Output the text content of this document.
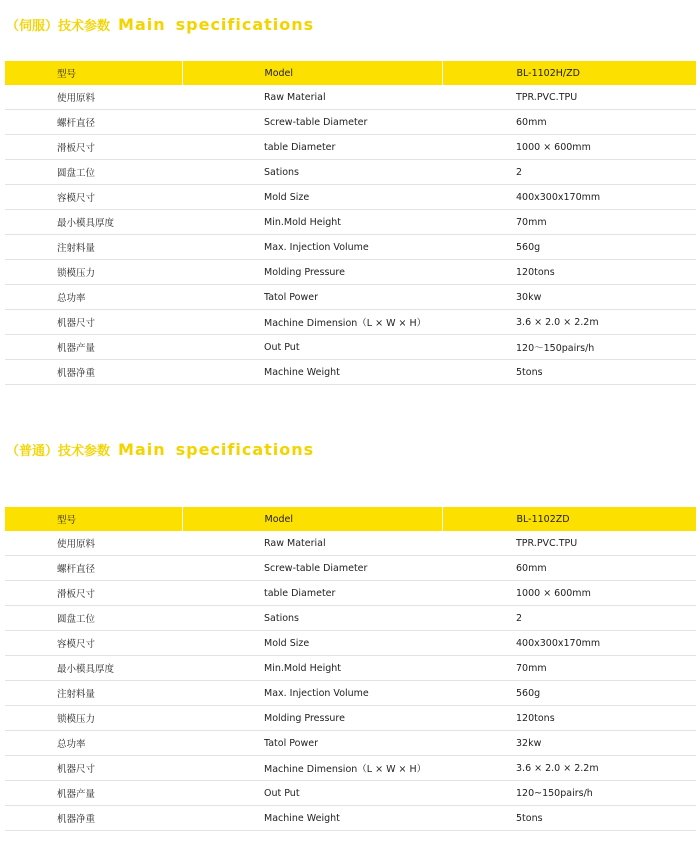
（伺服）技术参数 Main specifications
型号	Model	BL-1102H/ZD
使用原料	Raw Material	TPR.PVC.TPU
螺杆直径	Screw-table Diameter	60mm
滑板尺寸	table Diameter	1000 × 600mm
圆盘工位	Sations	2
容模尺寸	Mold Size	400x300x170mm
最小模具厚度	Min.Mold Height	70mm
注射料量	Max. Injection Volume	560g
锁模压力	Molding Pressure	120tons
总功率	Tatol Power	30kw
机器尺寸	Machine Dimension（L × W × H）	3.6 × 2.0 × 2.2m
机器产量	Out Put	120〜150pairs/h
机器净重	Machine Weight	5tons
（普通）技术参数 Main specifications
型号	Model	BL-1102ZD
使用原料	Raw Material	TPR.PVC.TPU
螺杆直径	Screw-table Diameter	60mm
滑板尺寸	table Diameter	1000 × 600mm
圆盘工位	Sations	2
容模尺寸	Mold Size	400x300x170mm
最小模具厚度	Min.Mold Height	70mm
注射料量	Max. Injection Volume	560g
锁模压力	Molding Pressure	120tons
总功率	Tatol Power	32kw
机器尺寸	Machine Dimension（L × W × H）	3.6 × 2.0 × 2.2m
机器产量	Out Put	120~150pairs/h
机器净重	Machine Weight	5tons
